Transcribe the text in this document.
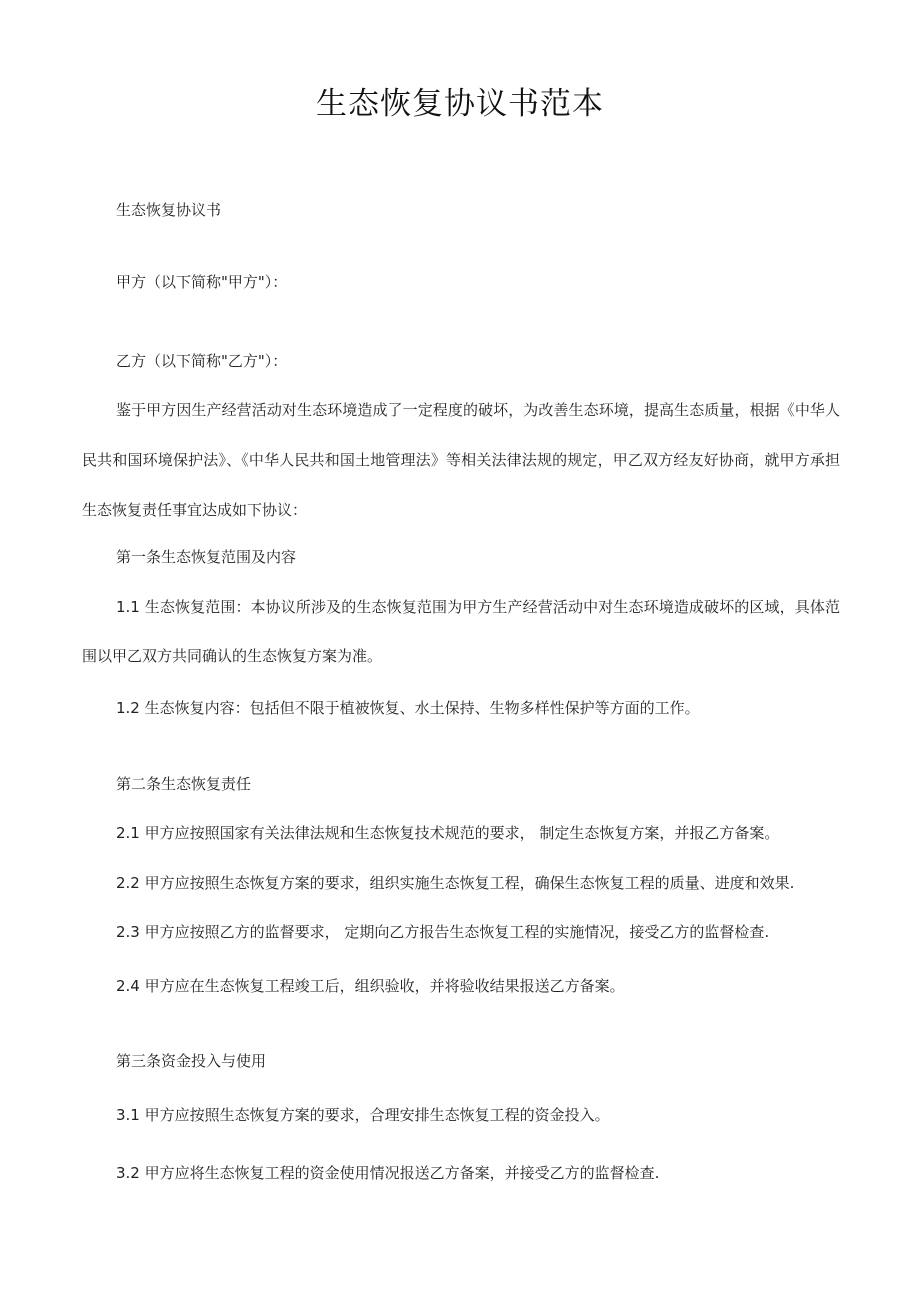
生态恢复协议书范本
生态恢复协议书
甲方（以下简称"甲方"）：
乙方（以下简称"乙方"）：
鉴于甲方因生产经营活动对生态环境造成了一定程度的破坏，为改善生态环境，提高生态质量，根据《中华人民共和国环境保护法》、《中华人民共和国土地管理法》等相关法律法规的规定，甲乙双方经友好协商，就甲方承担生态恢复责任事宜达成如下协议：
第一条生态恢复范围及内容
1.1 生态恢复范围：本协议所涉及的生态恢复范围为甲方生产经营活动中对生态环境造成破坏的区域，具体范围以甲乙双方共同确认的生态恢复方案为准。
1.2 生态恢复内容：包括但不限于植被恢复、水土保持、生物多样性保护等方面的工作。
第二条生态恢复责任
2.1 甲方应按照国家有关法律法规和生态恢复技术规范的要求， 制定生态恢复方案，并报乙方备案。
2.2 甲方应按照生态恢复方案的要求，组织实施生态恢复工程，确保生态恢复工程的质量、进度和效果.
2.3 甲方应按照乙方的监督要求， 定期向乙方报告生态恢复工程的实施情况，接受乙方的监督检查.
2.4 甲方应在生态恢复工程竣工后，组织验收，并将验收结果报送乙方备案。
第三条资金投入与使用
3.1 甲方应按照生态恢复方案的要求，合理安排生态恢复工程的资金投入。
3.2 甲方应将生态恢复工程的资金使用情况报送乙方备案，并接受乙方的监督检查.
